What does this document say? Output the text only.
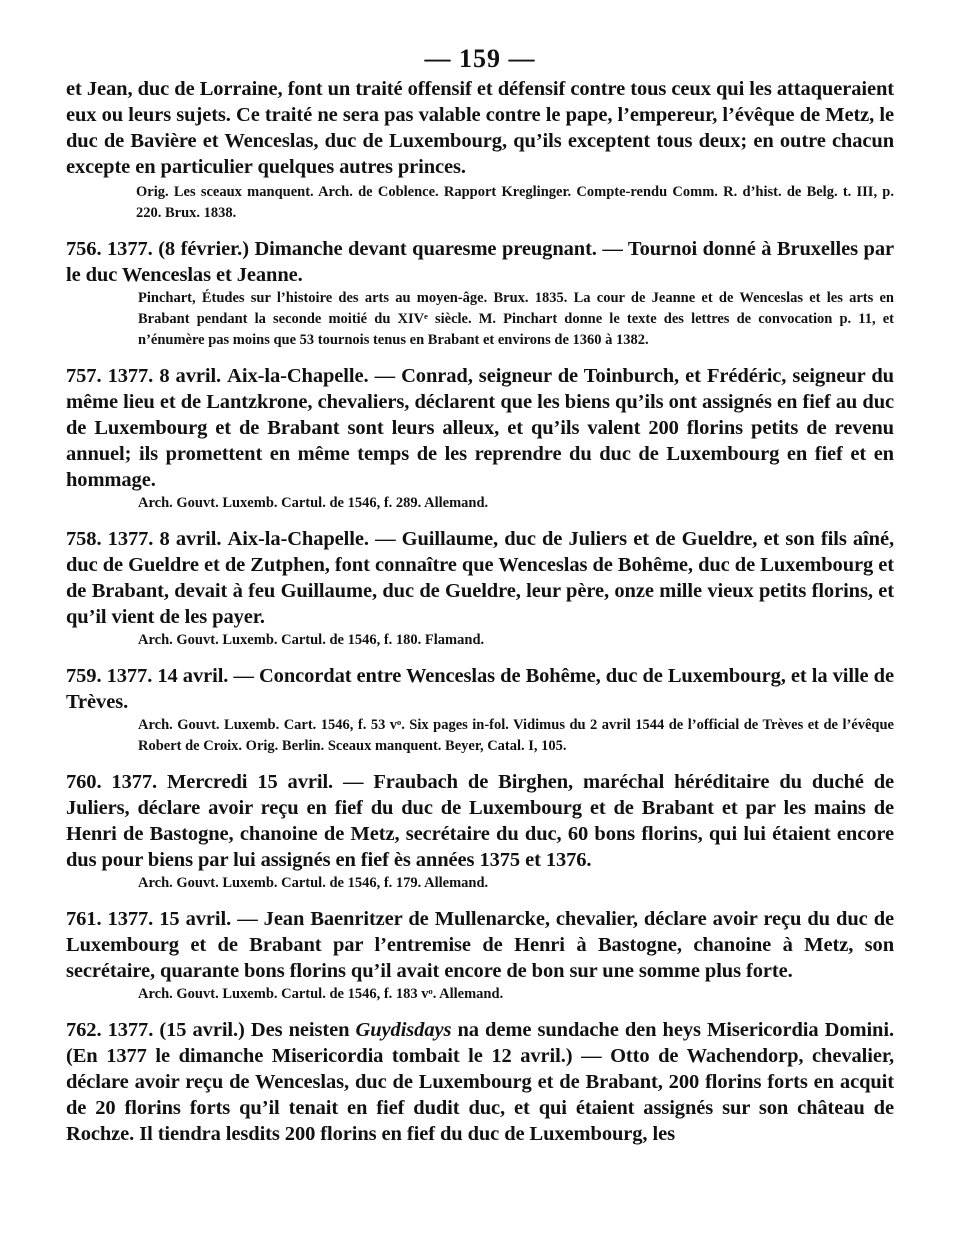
— 159 —

et Jean, duc de Lorraine, font un traité offensif et défensif contre tous ceux qui les attaqueraient eux ou leurs sujets. Ce traité ne sera pas valable contre le pape, l’empereur, l’évêque de Metz, le duc de Bavière et Wenceslas, duc de Luxembourg, qu’ils exceptent tous deux; en outre chacun excepte en particulier quelques autres princes.

Orig. Les sceaux manquent. Arch. de Coblence. Rapport Kreglinger. Compte-rendu Comm. R. d’hist. de Belg. t. III, p. 220. Brux. 1838.

756. 1377. (8 février.) Dimanche devant quaresme preugnant. — Tournoi donné à Bruxelles par le duc Wenceslas et Jeanne.

Pinchart, Études sur l’histoire des arts au moyen-âge. Brux. 1835. La cour de Jeanne et de Wenceslas et les arts en Brabant pendant la seconde moitié du XIVᵉ siècle. M. Pinchart donne le texte des lettres de convocation p. 11, et n’énumère pas moins que 53 tournois tenus en Brabant et environs de 1360 à 1382.

757. 1377. 8 avril. Aix-la-Chapelle. — Conrad, seigneur de Toinburch, et Frédéric, seigneur du même lieu et de Lantzkrone, chevaliers, déclarent que les biens qu’ils ont assignés en fief au duc de Luxembourg et de Brabant sont leurs alleux, et qu’ils valent 200 florins petits de revenu annuel; ils promettent en même temps de les reprendre du duc de Luxembourg en fief et en hommage.

Arch. Gouvt. Luxemb. Cartul. de 1546, f. 289. Allemand.

758. 1377. 8 avril. Aix-la-Chapelle. — Guillaume, duc de Juliers et de Gueldre, et son fils aîné, duc de Gueldre et de Zutphen, font connaître que Wenceslas de Bohême, duc de Luxembourg et de Brabant, devait à feu Guillaume, duc de Gueldre, leur père, onze mille vieux petits florins, et qu’il vient de les payer.

Arch. Gouvt. Luxemb. Cartul. de 1546, f. 180. Flamand.

759. 1377. 14 avril. — Concordat entre Wenceslas de Bohême, duc de Luxembourg, et la ville de Trèves.

Arch. Gouvt. Luxemb. Cart. 1546, f. 53 vᵒ. Six pages in-fol. Vidimus du 2 avril 1544 de l’official de Trèves et de l’évêque Robert de Croix. Orig. Berlin. Sceaux manquent. Beyer, Catal. I, 105.

760. 1377. Mercredi 15 avril. — Fraubach de Birghen, maréchal héréditaire du duché de Juliers, déclare avoir reçu en fief du duc de Luxembourg et de Brabant et par les mains de Henri de Bastogne, chanoine de Metz, secrétaire du duc, 60 bons florins, qui lui étaient encore dus pour biens par lui assignés en fief ès années 1375 et 1376.

Arch. Gouvt. Luxemb. Cartul. de 1546, f. 179. Allemand.

761. 1377. 15 avril. — Jean Baenritzer de Mullenarcke, chevalier, déclare avoir reçu du duc de Luxembourg et de Brabant par l’entremise de Henri à Bastogne, chanoine à Metz, son secrétaire, quarante bons florins qu’il avait encore de bon sur une somme plus forte.

Arch. Gouvt. Luxemb. Cartul. de 1546, f. 183 vᵒ. Allemand.

762. 1377. (15 avril.) Des neisten Guydisdays na deme sundache den heys Misericordia Domini. (En 1377 le dimanche Misericordia tombait le 12 avril.) — Otto de Wachendorp, chevalier, déclare avoir reçu de Wenceslas, duc de Luxembourg et de Brabant, 200 florins forts en acquit de 20 florins forts qu’il tenait en fief dudit duc, et qui étaient assignés sur son château de Rochze. Il tiendra lesdits 200 florins en fief du duc de Luxembourg, les
